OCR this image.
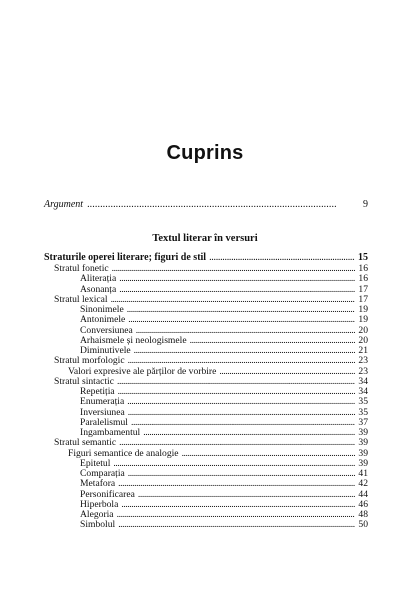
Cuprins
Argument . . .	9
Textul literar în versuri
Straturile operei literare; figuri de stil . . .	15
Stratul fonetic . . .	16
Aliterația . . .	16
Asonanța . . .	17
Stratul lexical . . .	17
Sinonimele . . .	19
Antonimele . . .	19
Conversiunea . . .	20
Arhaismele și neologismele . . .	20
Diminutivele . . .	21
Stratul morfologic . . .	23
Valori expresive ale părților de vorbire . . .	23
Stratul sintactic . . .	34
Repetiția . . .	34
Enumerația . . .	35
Inversiunea . . .	35
Paralelismul . . .	37
Ingambamentul . . .	39
Stratul semantic . . .	39
Figuri semantice de analogie . . .	39
Epitetul . . .	39
Comparația . . .	41
Metafora . . .	42
Personificarea . . .	44
Hiperbola . . .	46
Alegoria . . .	48
Simbolul . . .	50
